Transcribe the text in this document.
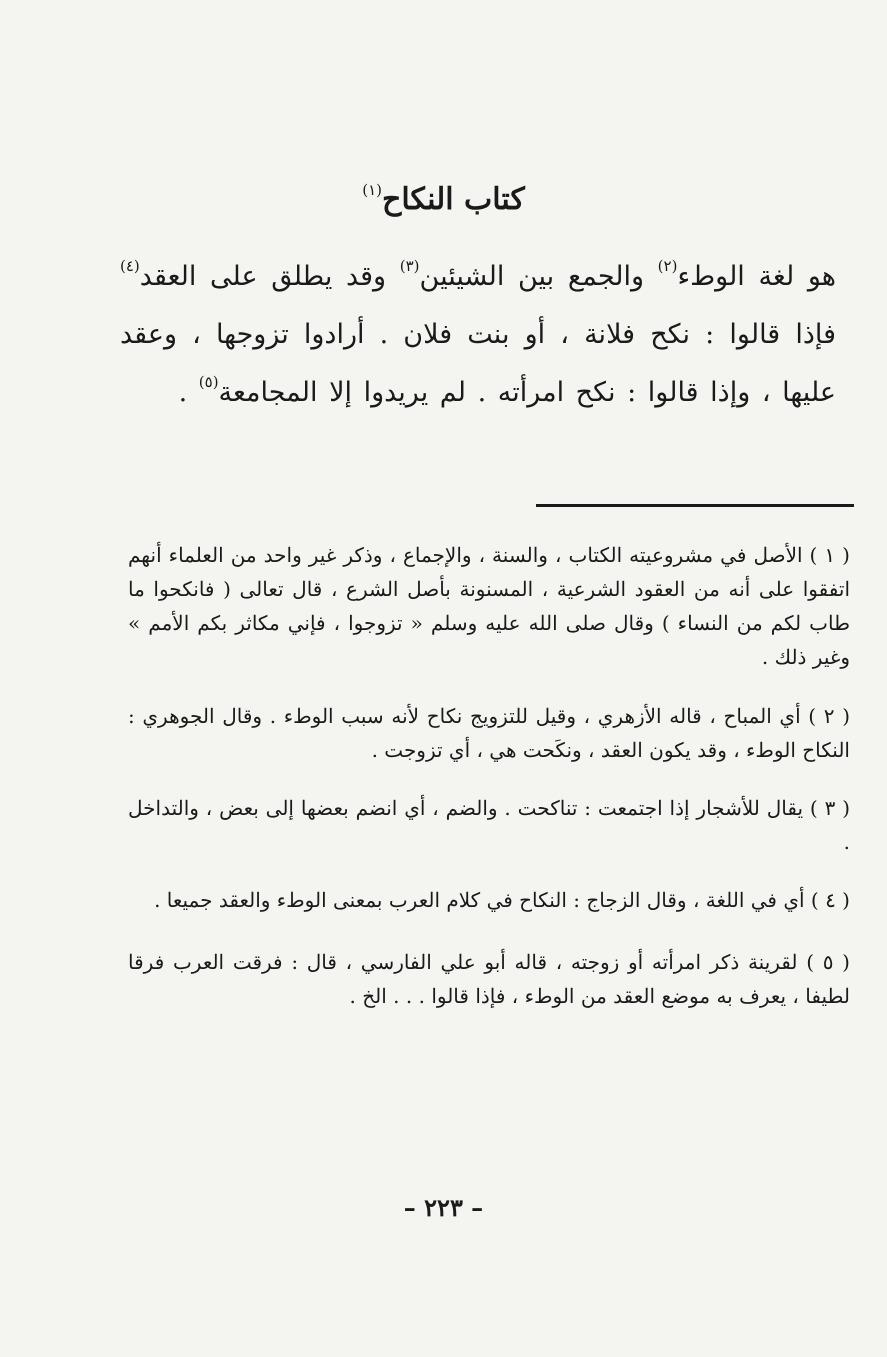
كتاب النكاح$^{(١)}$
هو لغة الوطء$^{(٢)}$ والجمع بين الشيئين$^{(٣)}$ وقد يطلق على العقد$^{(٤)}$ فإذا قالوا : نكح فلانة ، أو بنت فلان . أرادوا تزوجها ، وعقد عليها ، وإذا قالوا : نكح امرأته . لم يريدوا إلا المجامعة$^{(٥)}$ .

( ١ ) الأصل في مشروعيته الكتاب ، والسنة ، والإجماع ، وذكر غير واحد من العلماء أنهم اتفقوا على أنه من العقود الشرعية ، المسنونة بأصل الشرع ، قال تعالى ( فانكحوا ما طاب لكم من النساء ) وقال صلى الله عليه وسلم « تزوجوا ، فإني مكاثر بكم الأمم » وغير ذلك .

( ٢ ) أي المباح ، قاله الأزهري ، وقيل للتزويج نكاح لأنه سبب الوطء . وقال الجوهري : النكاح الوطء ، وقد يكون العقد ، ونكَحت هي ، أي تزوجت .

( ٣ ) يقال للأشجار إذا اجتمعت : تناكحت . والضم ، أي انضم بعضها إلى بعض ، والتداخل .

( ٤ ) أي في اللغة ، وقال الزجاج : النكاح في كلام العرب بمعنى الوطء والعقد جميعا .

( ٥ ) لقرينة ذكر امرأته أو زوجته ، قاله أبو علي الفارسي ، قال : فرقت العرب فرقا لطيفا ، يعرف به موضع العقد من الوطء ، فإذا قالوا . . . الخ .

– ٢٢٣ –
